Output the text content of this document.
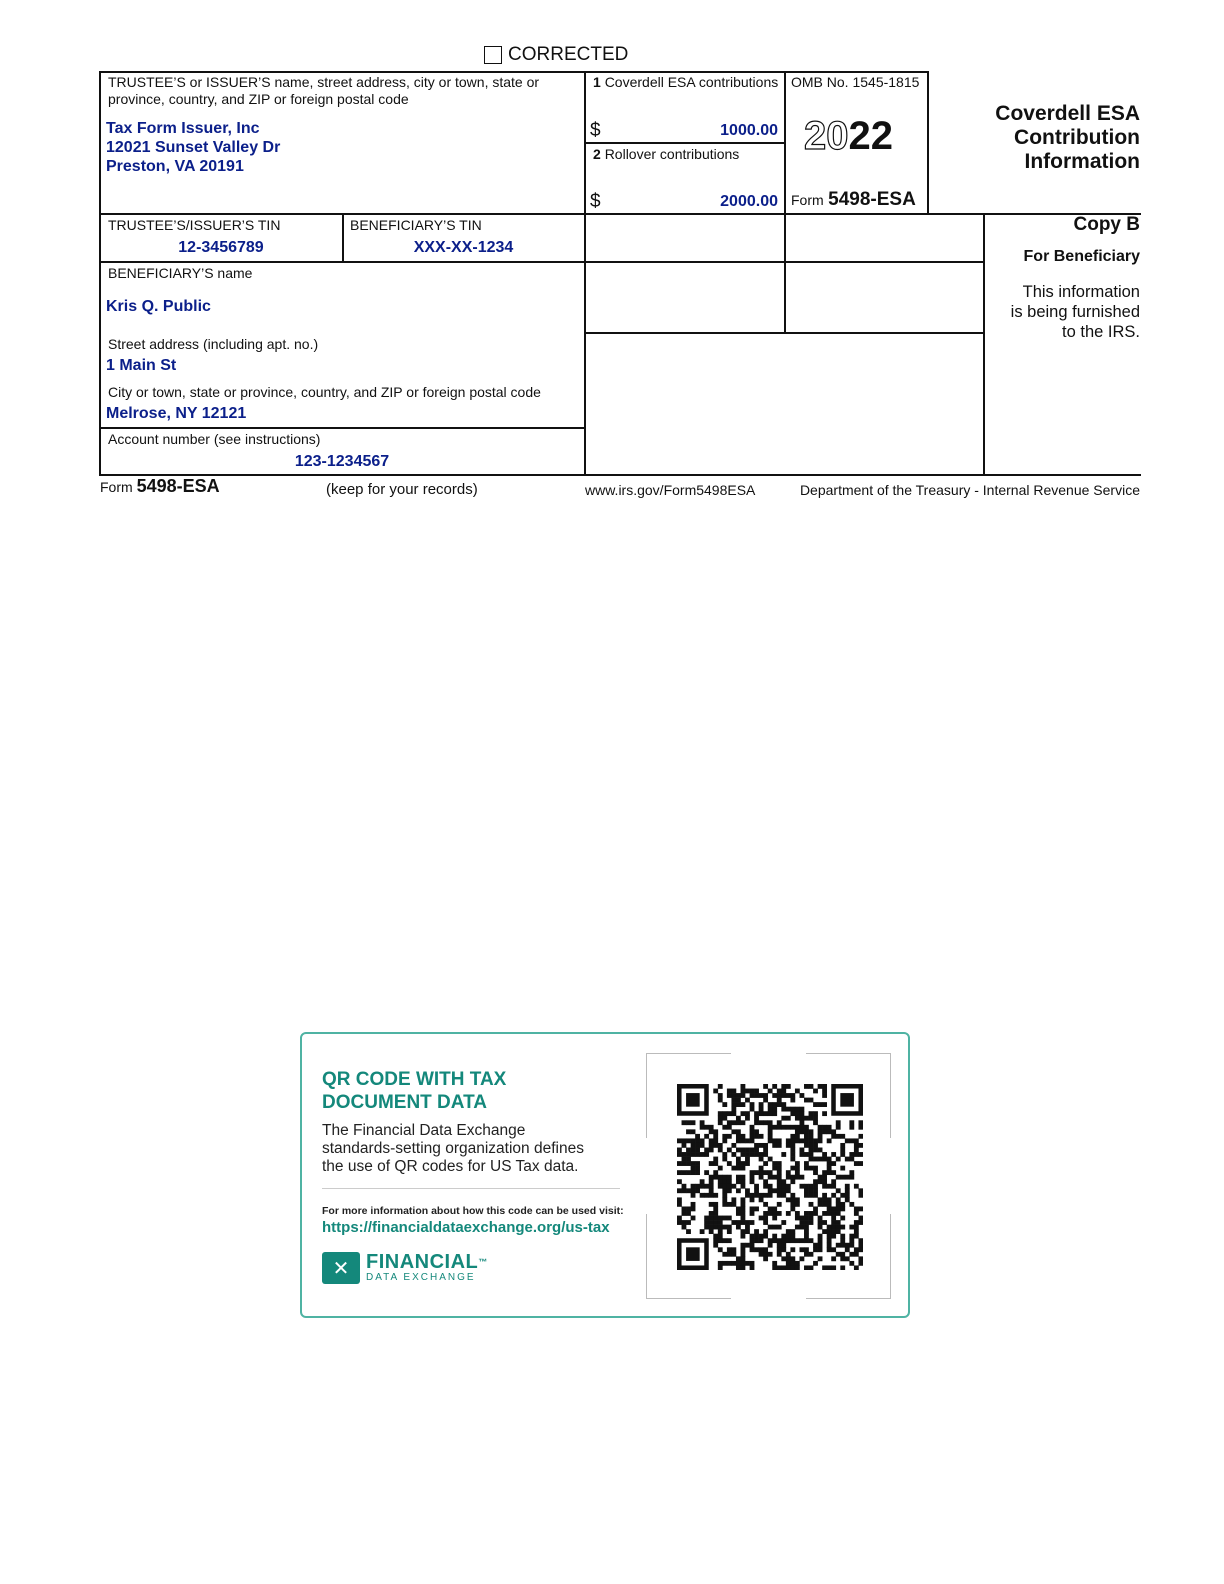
CORRECTED
TRUSTEE’S or ISSUER’S name, street address, city or town, state or
province, country, and ZIP or foreign postal code
Tax Form Issuer, Inc
12021 Sunset Valley Dr
Preston, VA 20191
1 Coverdell ESA contributions
$	1000.00
2 Rollover contributions
$	2000.00
OMB No. 1545-1815
2022
Form 5498-ESA
Coverdell ESA
Contribution
Information
Copy B
For Beneficiary
This information
is being furnished
to the IRS.
TRUSTEE’S/ISSUER’S TIN
12-3456789
BENEFICIARY’S TIN
XXX-XX-1234
BENEFICIARY’S name
Kris Q. Public
Street address (including apt. no.)
1 Main St
City or town, state or province, country, and ZIP or foreign postal code
Melrose, NY 12121
Account number (see instructions)
123-1234567
Form 5498-ESA	(keep for your records)	www.irs.gov/Form5498ESA	Department of the Treasury - Internal Revenue Service
QR CODE WITH TAX
DOCUMENT DATA
The Financial Data Exchange
standards-setting organization defines
the use of QR codes for US Tax data.
For more information about how this code can be used visit:
https://financialdataexchange.org/us-tax
✕ FINANCIAL™
DATA EXCHANGE
